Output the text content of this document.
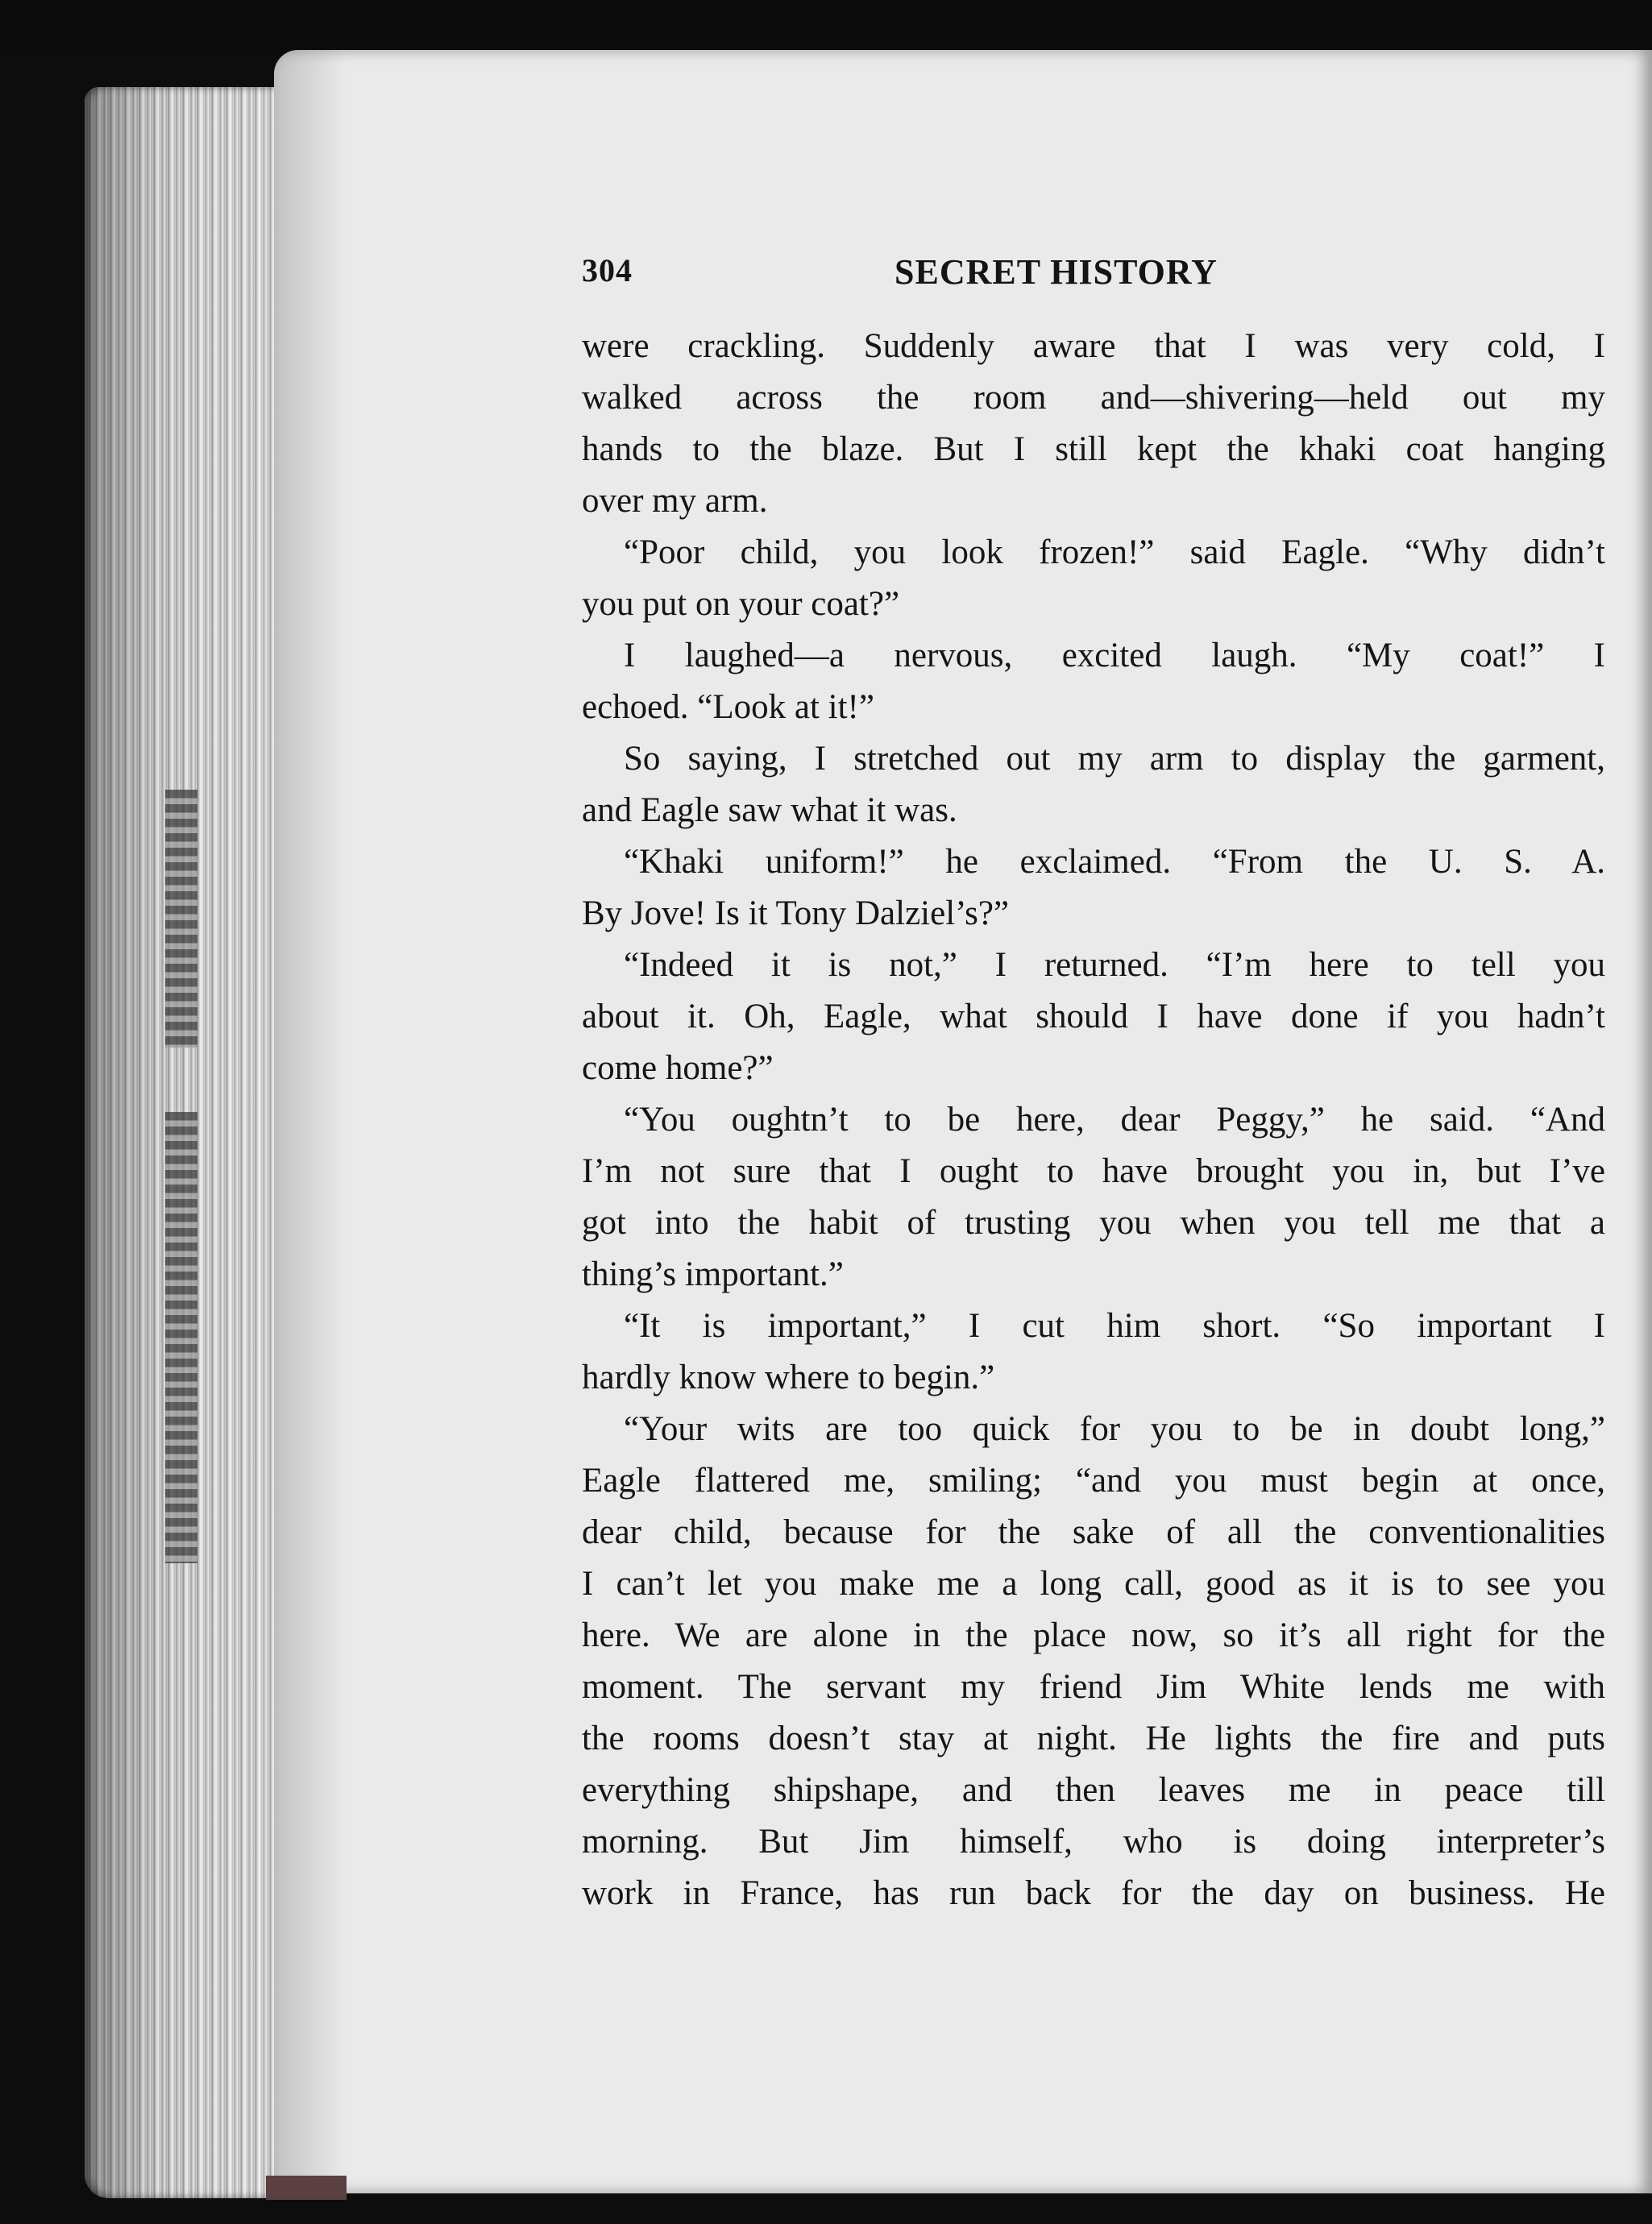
304	SECRET HISTORY
were crackling. Suddenly aware that I was very cold, I
walked across the room and—shivering—held out my
hands to the blaze. But I still kept the khaki coat hanging
over my arm.
“Poor child, you look frozen!” said Eagle. “Why didn’t
you put on your coat?”
I laughed—a nervous, excited laugh. “My coat!” I
echoed. “Look at it!”
So saying, I stretched out my arm to display the garment,
and Eagle saw what it was.
“Khaki uniform!” he exclaimed. “From the U. S. A.
By Jove! Is it Tony Dalziel’s?”
“Indeed it is not,” I returned. “I’m here to tell you
about it. Oh, Eagle, what should I have done if you hadn’t
come home?”
“You oughtn’t to be here, dear Peggy,” he said. “And
I’m not sure that I ought to have brought you in, but I’ve
got into the habit of trusting you when you tell me that a
thing’s important.”
“It is important,” I cut him short. “So important I
hardly know where to begin.”
“Your wits are too quick for you to be in doubt long,”
Eagle flattered me, smiling; “and you must begin at once,
dear child, because for the sake of all the conventionalities
I can’t let you make me a long call, good as it is to see you
here. We are alone in the place now, so it’s all right for the
moment. The servant my friend Jim White lends me with
the rooms doesn’t stay at night. He lights the fire and puts
everything shipshape, and then leaves me in peace till
morning. But Jim himself, who is doing interpreter’s
work in France, has run back for the day on business. He
